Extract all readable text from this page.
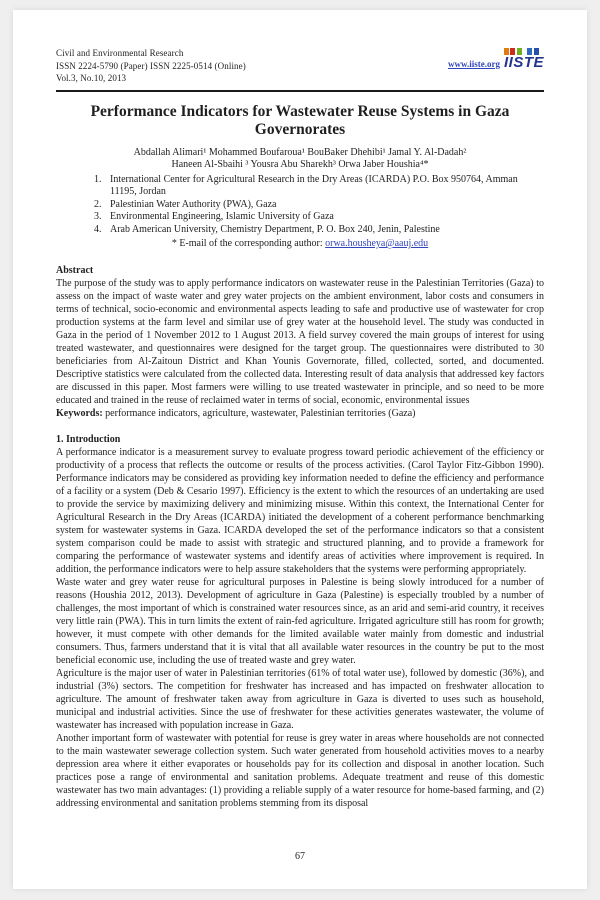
Civil and Environmental Research
ISSN 2224-5790 (Paper) ISSN 2225-0514 (Online)
Vol.3, No.10, 2013
www.iiste.org IISTE
Performance Indicators for Wastewater Reuse Systems in Gaza Governorates
Abdallah Alimari¹ Mohammed Boufaroua¹ BouBaker Dhehibi¹ Jamal Y. Al-Dadah²
Haneen Al-Sbaihi ³ Yousra Abu Sharekh³ Orwa Jaber Houshia⁴*
1. International Center for Agricultural Research in the Dry Areas (ICARDA) P.O. Box 950764, Amman 11195, Jordan
2. Palestinian Water Authority (PWA), Gaza
3. Environmental Engineering, Islamic University of Gaza
4. Arab American University, Chemistry Department, P. O. Box 240, Jenin, Palestine
* E-mail of the corresponding author: orwa.housheya@aauj.edu
Abstract

The purpose of the study was to apply performance indicators on wastewater reuse in the Palestinian Territories (Gaza) to assess on the impact of waste water and grey water projects on the ambient environment, labor costs and consumers in terms of technical, socio-economic and environmental aspects leading to safe and productive use of wastewater for crop production systems at the farm level and similar use of grey water at the household level. The study was conducted in Gaza in the period of 1 November 2012 to 1 August 2013. A field survey covered the main groups of interest for using treated wastewater, and questionnaires were designed for the target group. The questionnaires were distributed to 30 beneficiaries from Al-Zaitoun District and Khan Younis Governorate, filled, collected, sorted, and documented. Descriptive statistics were calculated from the collected data. Interesting result of data analysis that addressed key factors are discussed in this paper. Most farmers were willing to use treated wastewater in principle, and so need to be more educated and trained in the reuse of reclaimed water in terms of social, economic, environmental issues

Keywords: performance indicators, agriculture, wastewater, Palestinian territories (Gaza)

1. Introduction

A performance indicator is a measurement survey to evaluate progress toward periodic achievement of the efficiency or productivity of a process that reflects the outcome or results of the process activities. (Carol Taylor Fitz-Gibbon 1990). Performance indicators may be considered as providing key information needed to define the efficiency and performance of a facility or a system (Deb & Cesario 1997). Efficiency is the extent to which the resources of an undertaking are used to provide the service by maximizing delivery and minimizing misuse. Within this context, the International Center for Agricultural Research in the Dry Areas (ICARDA) initiated the development of a coherent performance benchmarking system for wastewater systems in Gaza. ICARDA developed the set of the performance indicators so that a consistent system comparison could be made to assist with strategic and structured planning, and to provide a framework for comparing the performance of wastewater systems and identify areas of activities where improvement is required. In addition, the performance indicators were to help assure stakeholders that the systems were performing appropriately.

Waste water and grey water reuse for agricultural purposes in Palestine is being slowly introduced for a number of reasons (Houshia 2012, 2013). Development of agriculture in Gaza (Palestine) is especially troubled by a number of challenges, the most important of which is constrained water resources since, as an arid and semi-arid country, it receives very little rain (PWA). This in turn limits the extent of rain-fed agriculture. Irrigated agriculture still has room for growth; however, it must compete with other demands for the limited available water mainly from domestic and industrial consumers. Thus, farmers understand that it is vital that all available water resources in the country be put to the most beneficial economic use, including the use of treated waste and grey water.

Agriculture is the major user of water in Palestinian territories (61% of total water use), followed by domestic (36%), and industrial (3%) sectors. The competition for freshwater has increased and has impacted on freshwater allocation to agriculture. The amount of freshwater taken away from agriculture in Gaza is diverted to uses such as household, municipal and industrial activities. Since the use of freshwater for these activities generates wastewater, the volume of wastewater has increased with population increase in Gaza.

Another important form of wastewater with potential for reuse is grey water in areas where households are not connected to the main wastewater sewerage collection system. Such water generated from household activities moves to a nearby depression area where it either evaporates or households pay for its collection and disposal in another location. Such practices pose a range of environmental and sanitation problems. Adequate treatment and reuse of this domestic wastewater has two main advantages: (1) providing a reliable supply of a water resource for home-based farming, and (2) addressing environmental and sanitation problems stemming from its disposal

67
